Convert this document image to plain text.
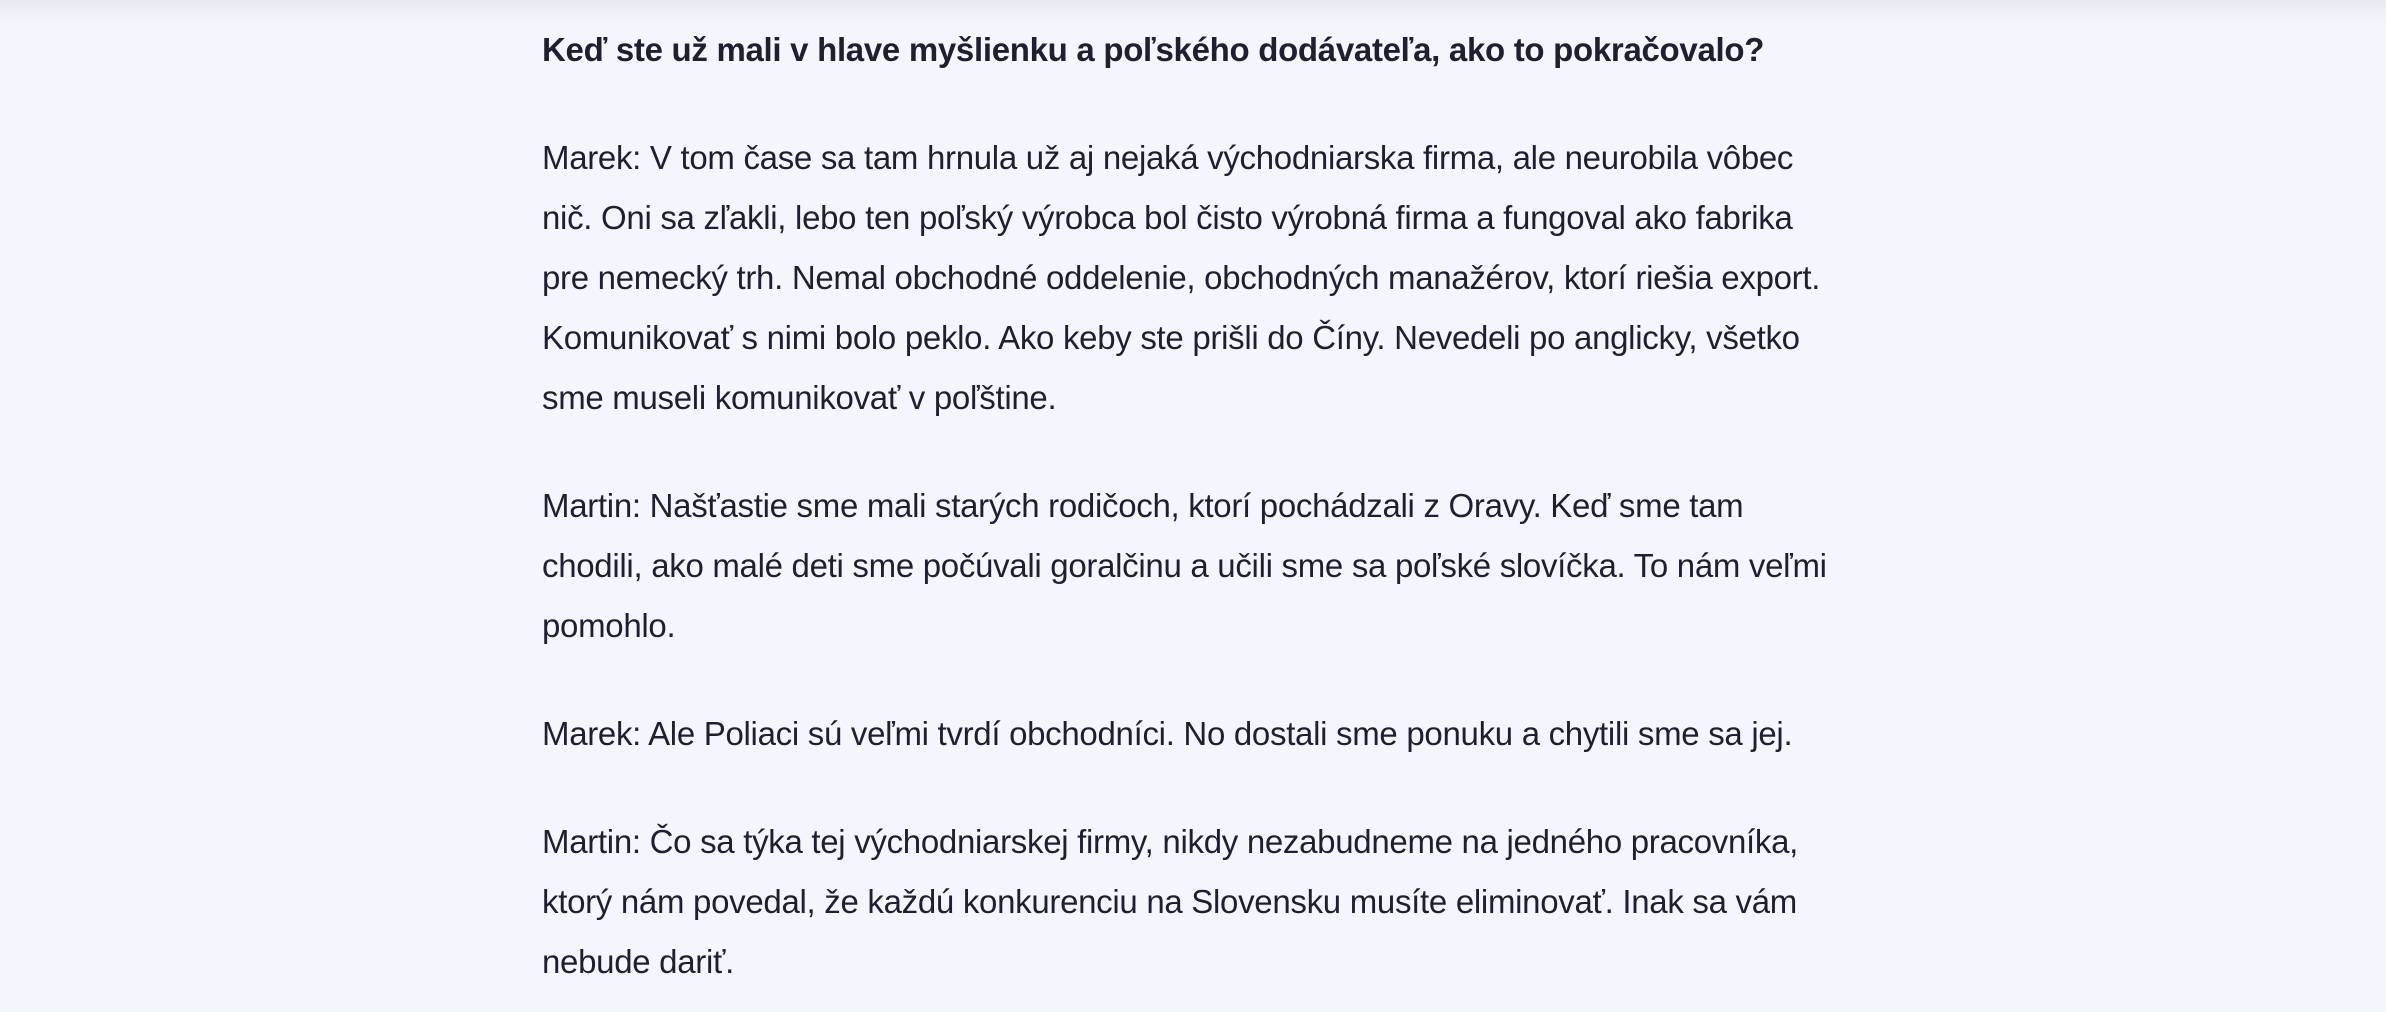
Keď ste už mali v hlave myšlienku a poľského dodávateľa, ako to pokračovalo?

Marek: V tom čase sa tam hrnula už aj nejaká východniarska firma, ale neurobila vôbec nič. Oni sa zľakli, lebo ten poľský výrobca bol čisto výrobná firma a fungoval ako fabrika pre nemecký trh. Nemal obchodné oddelenie, obchodných manažérov, ktorí riešia export. Komunikovať s nimi bolo peklo. Ako keby ste prišli do Číny. Nevedeli po anglicky, všetko sme museli komunikovať v poľštine.

Martin: Našťastie sme mali starých rodičoch, ktorí pochádzali z Oravy. Keď sme tam chodili, ako malé deti sme počúvali goralčinu a učili sme sa poľské slovíčka. To nám veľmi pomohlo.

Marek: Ale Poliaci sú veľmi tvrdí obchodníci. No dostali sme ponuku a chytili sme sa jej.

Martin: Čo sa týka tej východniarskej firmy, nikdy nezabudneme na jedného pracovníka, ktorý nám povedal, že každú konkurenciu na Slovensku musíte eliminovať. Inak sa vám nebude dariť.
